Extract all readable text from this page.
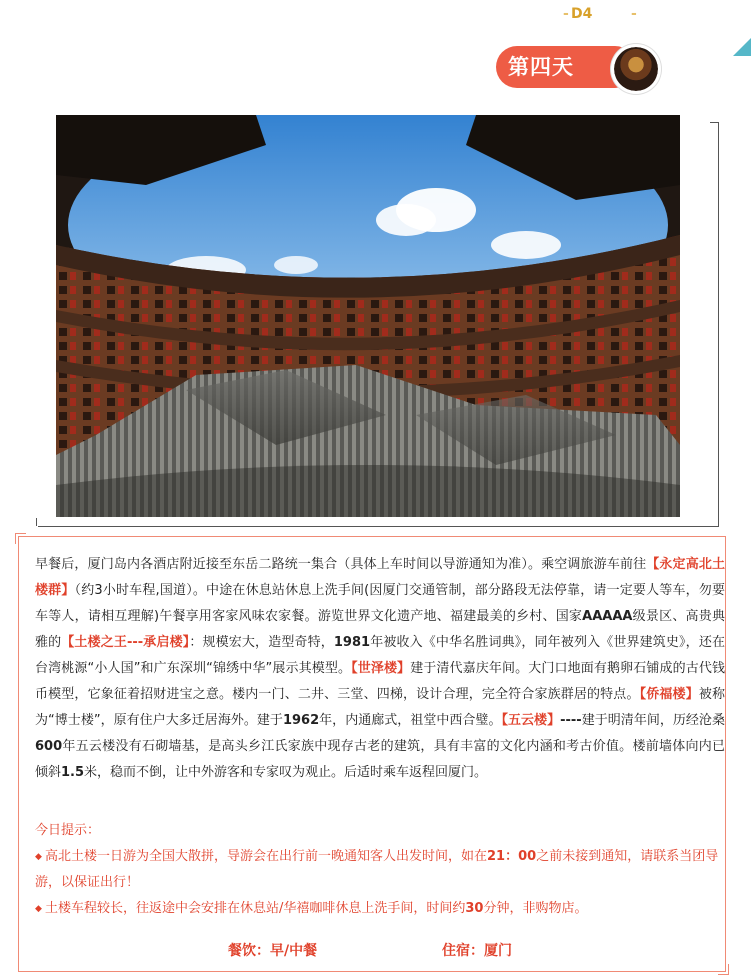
- D4	-
第四天
早餐后，厦门岛内各酒店附近接至东岳二路统一集合（具体上车时间以导游通知为准）。乘空调旅游车前往【永定高北土楼群】（约3小时车程,国道）。中途在休息站休息上洗手间(因厦门交通管制，部分路段无法停靠，请一定要人等车，勿要车等人，请相互理解)午餐享用客家风味农家餐。游览世界文化遗产地、福建最美的乡村、国家AAAAA级景区、高贵典雅的【土楼之王---承启楼】：规模宏大，造型奇特，1981年被收入《中华名胜词典》，同年被列入《世界建筑史》，还在台湾桃源“小人国”和广东深圳“锦绣中华”展示其模型。【世泽楼】建于清代嘉庆年间。大门口地面有鹅卵石铺成的古代钱币模型，它象征着招财进宝之意。楼内一门、二井、三堂、四梯，设计合理，完全符合家族群居的特点。【侨福楼】被称为“博士楼”，原有住户大多迁居海外。建于1962年，内通廊式，祖堂中西合璧。【五云楼】----建于明清年间，历经沧桑600年五云楼没有石砌墙基，是高头乡江氏家族中现存古老的建筑，具有丰富的文化内涵和考古价值。楼前墙体向内已倾斜1.5米，稳而不倒，让中外游客和专家叹为观止。后适时乘车返程回厦门。
今日提示：
◆ 高北土楼一日游为全国大散拼，导游会在出行前一晚通知客人出发时间，如在21：00之前未接到通知，请联系当团导游，以保证出行！
◆ 土楼车程较长，往返途中会安排在休息站/华禧咖啡休息上洗手间，时间约30分钟，非购物店。
餐饮：早/中餐	住宿：厦门
